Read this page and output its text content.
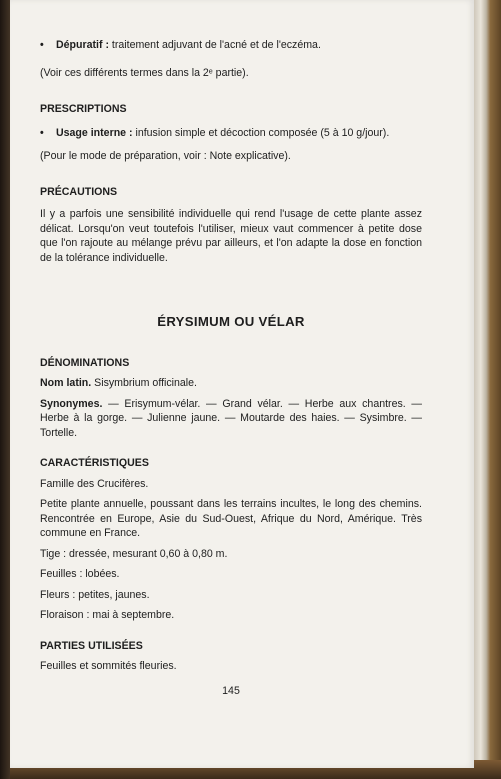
•	Dépuratif : traitement adjuvant de l'acné et de l'eczéma.

(Voir ces différents termes dans la 2ᵉ partie).

PRESCRIPTIONS

•	Usage interne : infusion simple et décoction composée (5 à 10 g/jour).

(Pour le mode de préparation, voir : Note explicative).

PRÉCAUTIONS

Il y a parfois une sensibilité individuelle qui rend l'usage de cette plante assez délicat. Lorsqu'on veut toutefois l'utiliser, mieux vaut commencer à petite dose que l'on rajoute au mélange prévu par ailleurs, et l'on adapte la dose en fonction de la tolérance individuelle.

ÉRYSIMUM OU VÉLAR

DÉNOMINATIONS

Nom latin. Sisymbrium officinale.

Synonymes. — Erisymum-vélar. — Grand vélar. — Herbe aux chantres. — Herbe à la gorge. — Julienne jaune. — Moutarde des haies. — Sysimbre. — Tortelle.

CARACTÉRISTIQUES

Famille des Crucifères.

Petite plante annuelle, poussant dans les terrains incultes, le long des chemins. Rencontrée en Europe, Asie du Sud-Ouest, Afrique du Nord, Amérique. Très commune en France.

Tige : dressée, mesurant 0,60 à 0,80 m.

Feuilles : lobées.

Fleurs : petites, jaunes.

Floraison : mai à septembre.

PARTIES UTILISÉES

Feuilles et sommités fleuries.

145
